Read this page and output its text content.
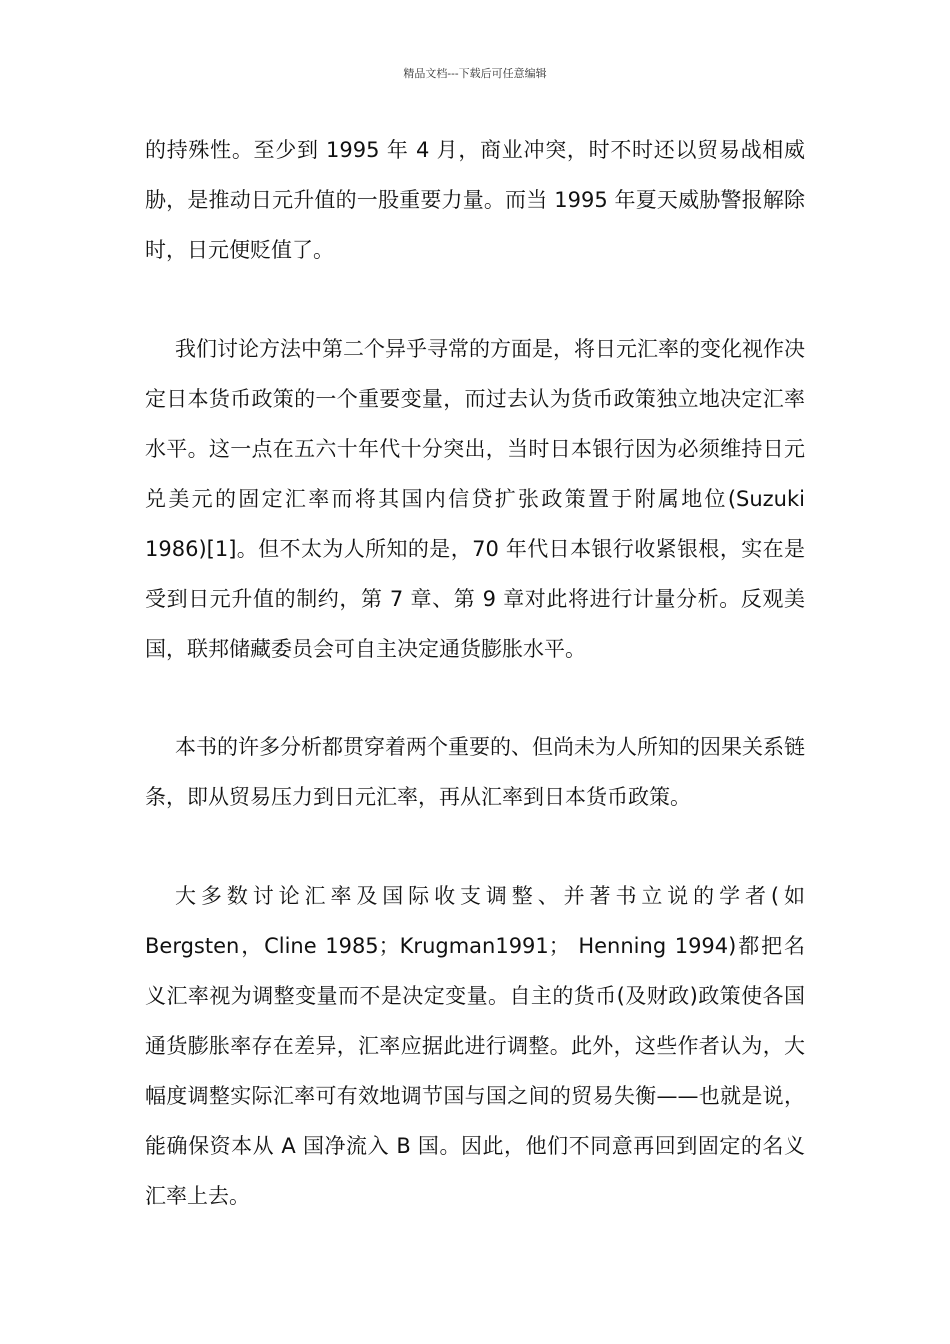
精品文档---下载后可任意编辑

的持殊性。至少到 1995 年 4 月，商业冲突，时不时还以贸易战相威胁，是推动日元升值的一股重要力量。而当 1995 年夏天威胁警报解除时，日元便贬值了。

我们讨论方法中第二个异乎寻常的方面是，将日元汇率的变化视作决定日本货币政策的一个重要变量，而过去认为货币政策独立地决定汇率水平。这一点在五六十年代十分突出，当时日本银行因为必须维持日元兑美元的固定汇率而将其国内信贷扩张政策置于附属地位(Suzuki 1986)[1]。但不太为人所知的是，70 年代日本银行收紧银根，实在是受到日元升值的制约，第 7 章、第 9 章对此将进行计量分析。反观美国，联邦储藏委员会可自主决定通货膨胀水平。

本书的许多分析都贯穿着两个重要的、但尚未为人所知的因果关系链条，即从贸易压力到日元汇率，再从汇率到日本货币政策。

大多数讨论汇率及国际收支调整、并著书立说的学者(如 Bergsten，Cline 1985；Krugman1991； Henning 1994)都把名义汇率视为调整变量而不是决定变量。自主的货币(及财政)政策使各国通货膨胀率存在差异，汇率应据此进行调整。此外，这些作者认为，大幅度调整实际汇率可有效地调节国与国之间的贸易失衡——也就是说，能确保资本从 A 国净流入 B 国。因此，他们不同意再回到固定的名义汇率上去。
